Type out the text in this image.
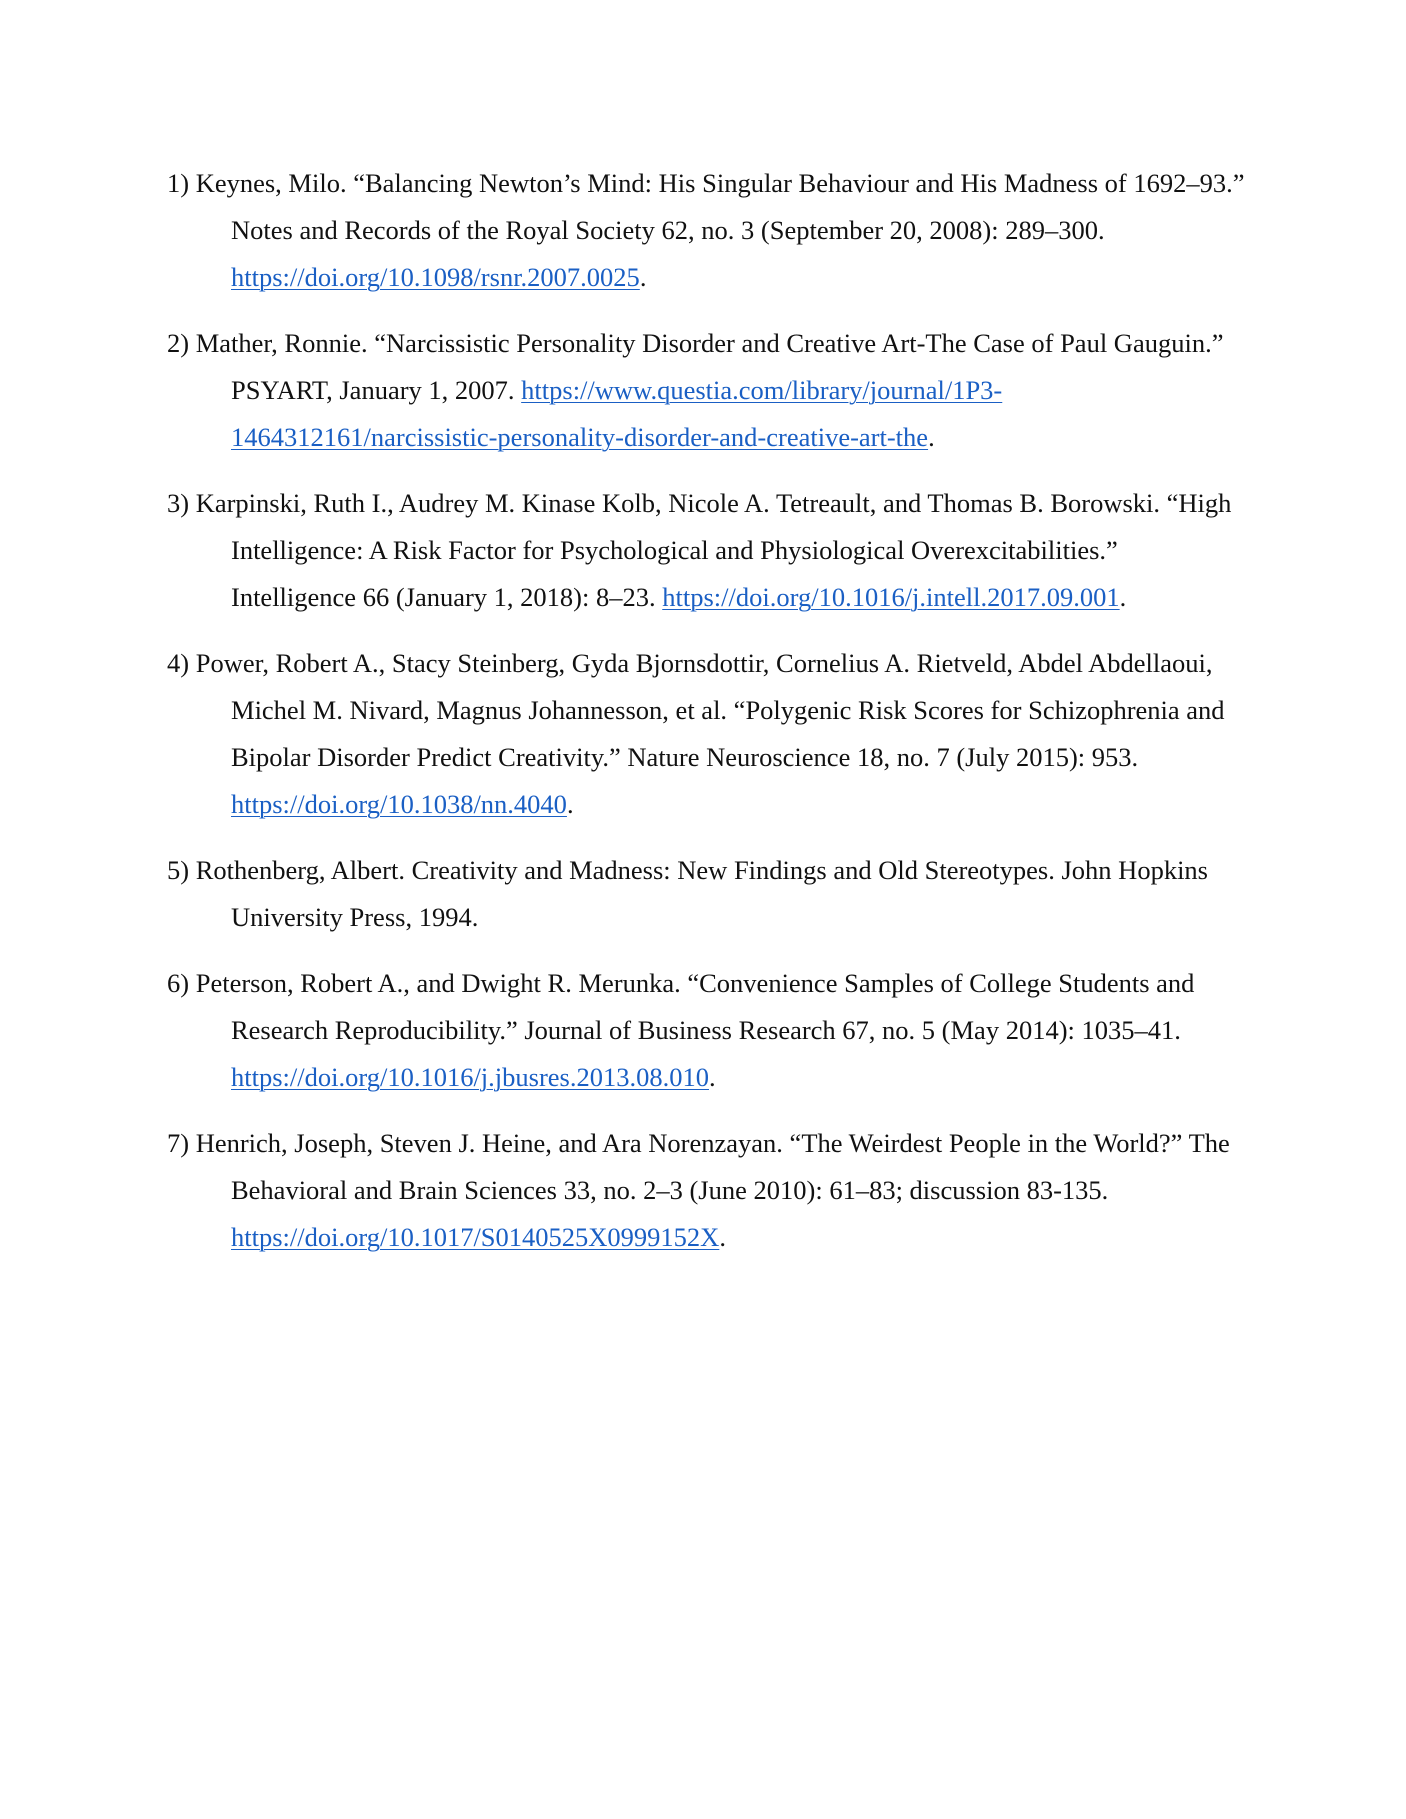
1) Keynes, Milo. “Balancing Newton’s Mind: His Singular Behaviour and His Madness of 1692–93.” Notes and Records of the Royal Society 62, no. 3 (September 20, 2008): 289–300. https://doi.org/10.1098/rsnr.2007.0025.
2) Mather, Ronnie. “Narcissistic Personality Disorder and Creative Art-The Case of Paul Gauguin.” PSYART, January 1, 2007. https://www.questia.com/library/journal/1P3-1464312161/narcissistic-personality-disorder-and-creative-art-the.
3) Karpinski, Ruth I., Audrey M. Kinase Kolb, Nicole A. Tetreault, and Thomas B. Borowski. “High Intelligence: A Risk Factor for Psychological and Physiological Overexcitabilities.” Intelligence 66 (January 1, 2018): 8–23. https://doi.org/10.1016/j.intell.2017.09.001.
4) Power, Robert A., Stacy Steinberg, Gyda Bjornsdottir, Cornelius A. Rietveld, Abdel Abdellaoui, Michel M. Nivard, Magnus Johannesson, et al. “Polygenic Risk Scores for Schizophrenia and Bipolar Disorder Predict Creativity.” Nature Neuroscience 18, no. 7 (July 2015): 953. https://doi.org/10.1038/nn.4040.
5) Rothenberg, Albert. Creativity and Madness: New Findings and Old Stereotypes. John Hopkins University Press, 1994.
6) Peterson, Robert A., and Dwight R. Merunka. “Convenience Samples of College Students and Research Reproducibility.” Journal of Business Research 67, no. 5 (May 2014): 1035–41. https://doi.org/10.1016/j.jbusres.2013.08.010.
7) Henrich, Joseph, Steven J. Heine, and Ara Norenzayan. “The Weirdest People in the World?” The Behavioral and Brain Sciences 33, no. 2–3 (June 2010): 61–83; discussion 83-135. https://doi.org/10.1017/S0140525X0999152X.
